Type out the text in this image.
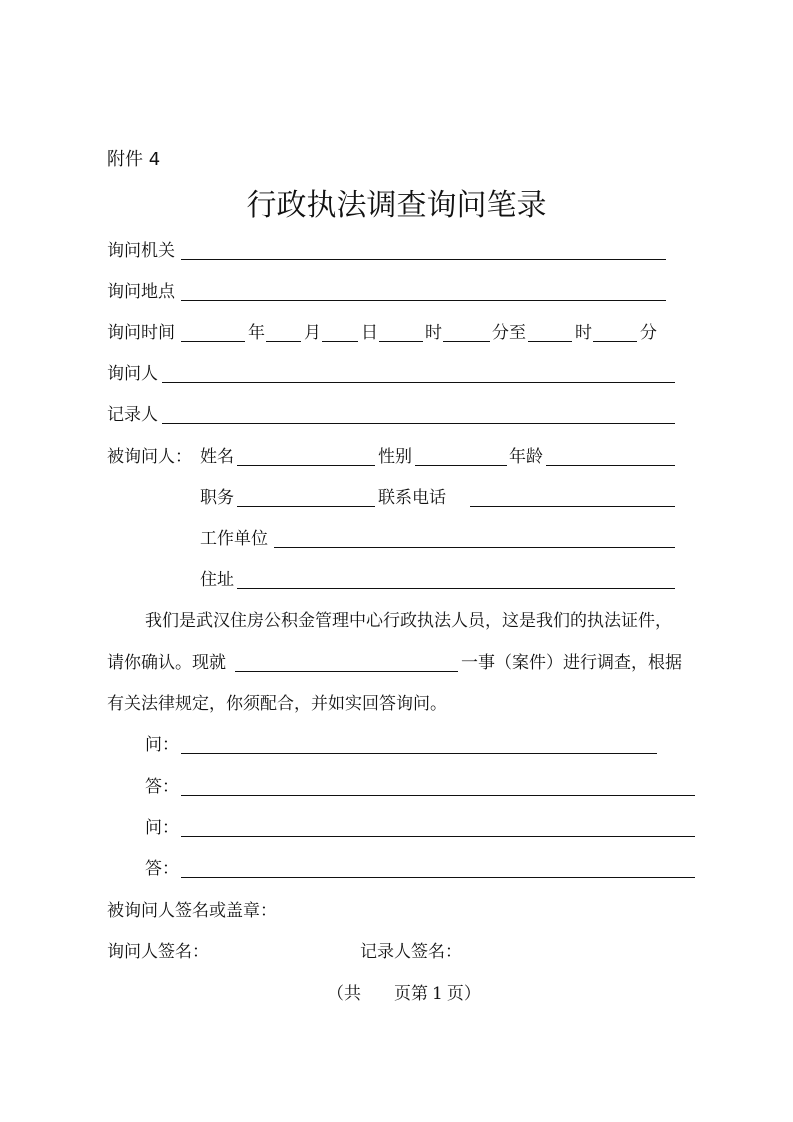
附件 4
行政执法调查询问笔录
询问机关
询问地点
询问时间	年 月 日	时	分至	时	分
询问人
记录人
被询问人： 姓名	性别	年龄
职务	联系电话
工作单位
住址
我们是武汉住房公积金管理中心行政执法人员，这是我们的执法证件，
请你确认。现就	一事（案件）进行调查，根据
有关法律规定，你须配合，并如实回答询问。
问：
答：
问：
答：
被询问人签名或盖章：
询问人签名：	记录人签名：
（共 页第 1 页）
